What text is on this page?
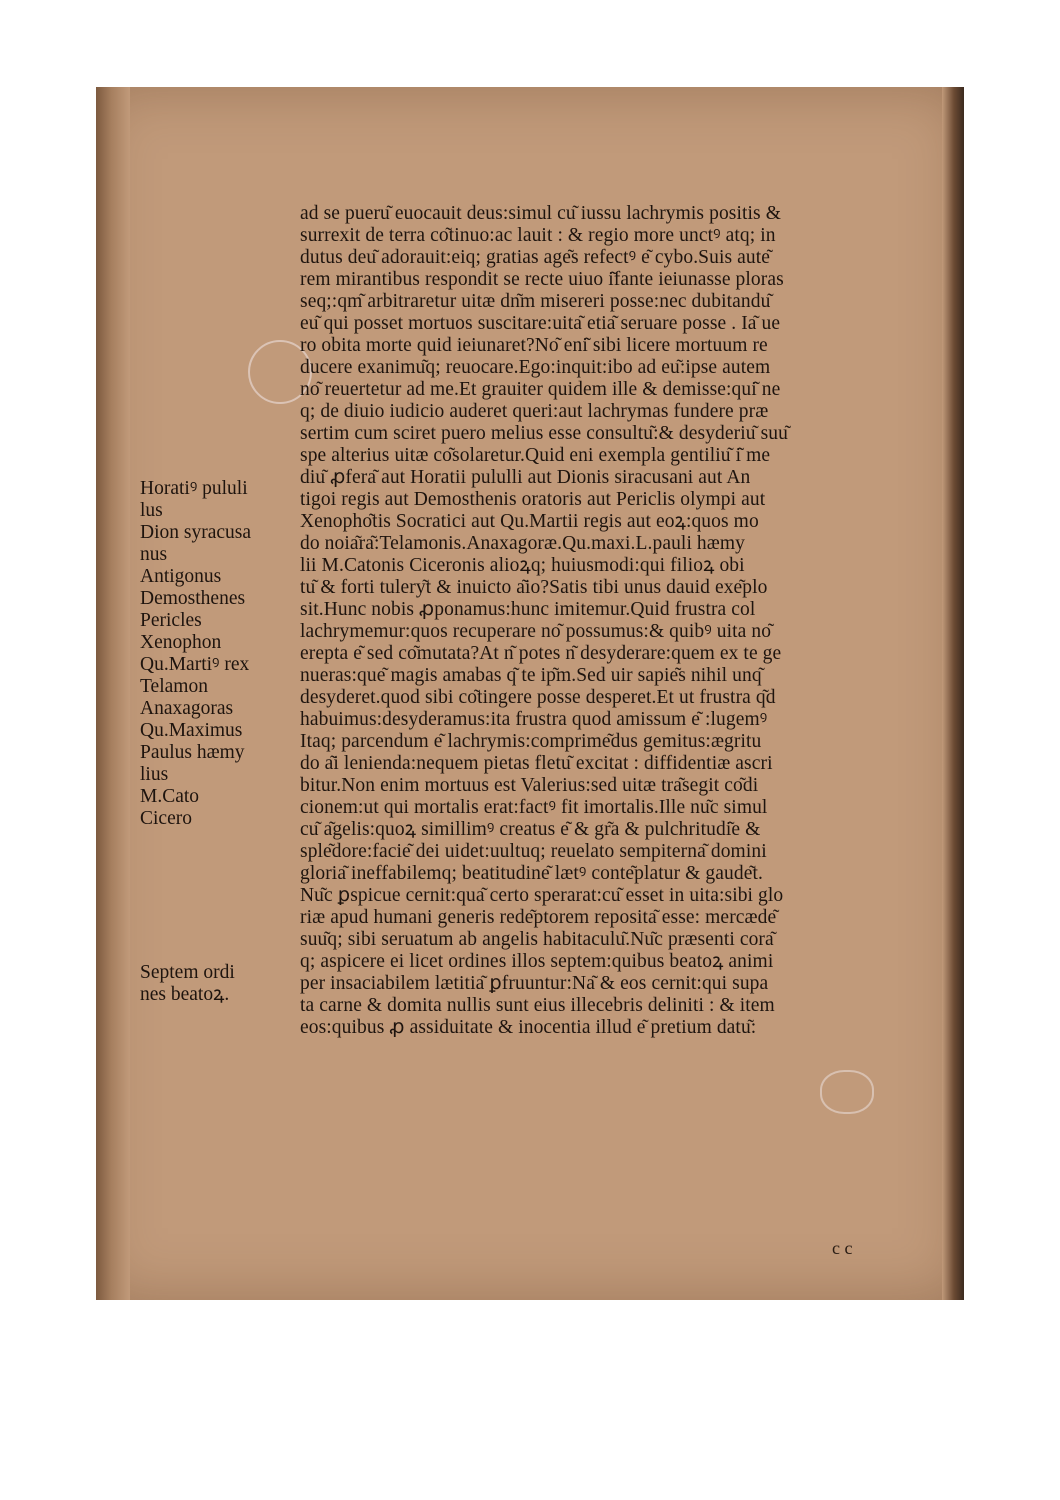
ad se pueru͂ euocauit deus:simul cu͂ iussu lachrymis positis &
surrexit de terra co͂tinuo:ac lauit : & regio more unctꝰ atq; in
dutus deu͂ adorauit:eiq; gratias age͂s refectꝰ e͂ cybo.Suis aute͂
rem mirantibus respondit se recte uiuo i͂fante ieiunasse ploras
seq;:qm͂ arbitraretur uitæ dn͂m misereri posse:nec dubitandu͂
eu͂ qui posset mortuos suscitare:uita͂ etia͂ seruare posse . Ia͂ ue
ro obita morte quid ieiunaret?No͂ eni͂ sibi licere mortuum re
ducere exanimu͂q; reuocare.Ego:inquit:ibo ad eu͂:ipse autem
no͂ reuertetur ad me.Et grauiter quidem ille & demisse:qui͂ ne
q; de diuio iudicio auderet queri:aut lachrymas fundere præ
sertim cum sciret puero melius esse consultu͂:& desyderiu͂ suu͂
spe alterius uitæ co͂solaretur.Quid eni exempla gentiliu͂ i͂ me
diu͂ ꝓfera͂ aut Horatii pululli aut Dionis siracusani aut An
tigoi regis aut Demosthenis oratoris aut Periclis olympi aut
Xenopho͂tis Socratici aut Qu.Martii regis aut eoꝝ:quos mo
do noia͂ra͂:Telamonis.Anaxagoræ.Qu.maxi.L.pauli hæmy
lii M.Catonis Ciceronis alioꝝq; huiusmodi:qui filioꝝ obi
tu͂ & forti tulerу͂t & inuicto a͂io?Satis tibi unus dauid exe͂plo
sit.Hunc nobis ꝓponamus:hunc imitemur.Quid frustra col
lachrymemur:quos recuperare no͂ possumus:& quibꝰ uita no͂
erepta e͂ sed co͂mutata?At n͂ potes n͂ desyderare:quem ex te ge
nueras:que͂ magis amabas q͂ te ip͂m.Sed uir sapie͂s nihil unq͂
desyderet.quod sibi co͂tingere posse desperet.Et ut frustra q͂d
habuimus:desyderamus:ita frustra quod amissum e͂ :lugemꝰ
Itaq; parcendum e͂ lachrymis:comprime͂dus gemitus:ægritu
do a͂i lenienda:nequem pietas fletu͂ excitat : diffidentiæ ascri
bitur.Non enim mortuus est Valerius:sed uitæ tra͂segit co͂di
cionem:ut qui mortalis erat:factꝰ fit imortalis.Ille nu͂c simul
cu͂ a͂gelis:quoꝝ simillimꝰ creatus e͂ & gr͂a & pulchritudi͂e &
sple͂dore:facie͂ dei uidet:uultuq; reuelato sempiterna͂ domini
gloria͂ ineffabilemq; beatitudine͂ lætꝰ conte͂platur & gaude͂t.
Nu͂c ꝑspicue cernit:qua͂ certo sperarat:cu͂ esset in uita:sibi glo
riæ apud humani generis rede͂ptorem reposita͂ esse: mercæde͂
suu͂q; sibi seruatum ab angelis habitaculu͂.Nu͂c præsenti cora͂
q; aspicere ei licet ordines illos septem:quibus beatoꝝ animi
per insaciabilem lætitia͂ ꝑfruuntur:Na͂ & eos cernit:qui supa
ta carne & domita nullis sunt eius illecebris deliniti : & item
eos:quibus ꝓ assiduitate & inocentia illud e͂ pretium datu͂:
Horatiꝰ pululi
lus
Dion syracusa
nus
Antigonus
Demosthenes
Pericles
Xenophon
Qu.Martiꝰ rex
Telamon
Anaxagoras
Qu.Maximus
Paulus hæmy
lius
M.Cato
Cicero
Septem ordi
nes beatoꝝ.
c c
